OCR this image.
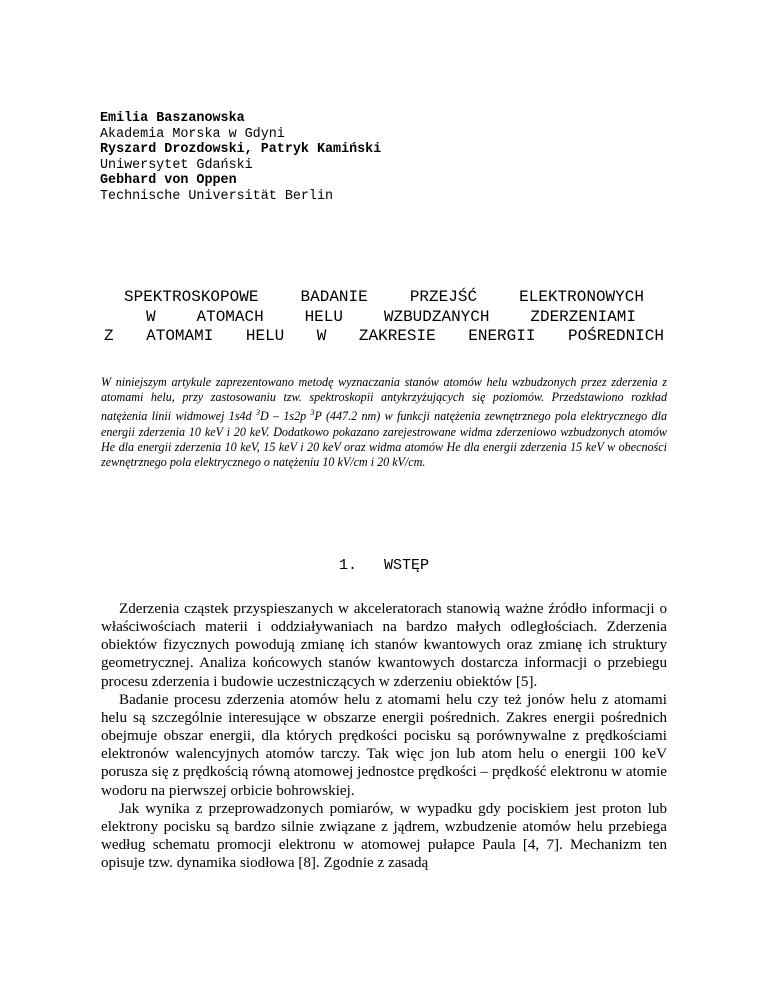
Emilia Baszanowska
Akademia Morska w Gdyni
Ryszard Drozdowski, Patryk Kamiński
Uniwersytet Gdański
Gebhard von Oppen
Technische Universität Berlin
SPEKTROSKOPOWE	BADANIE	PRZEJŚĆ	ELEKTRONOWYCH
W	ATOMACH	HELU	WZBUDZANYCH	ZDERZENIAMI
Z ATOMAMI HELU W ZAKRESIE ENERGII POŚREDNICH
W niniejszym artykule zaprezentowano metodę wyznaczania stanów atomów helu wzbudzonych przez zderzenia z atomami helu, przy zastosowaniu tzw. spektroskopii antykrzyżujących się poziomów. Przedstawiono rozkład natężenia linii widmowej 1s4d $^3$D – 1s2p $^3$P (447.2 nm) w funkcji natężenia zewnętrznego pola elektrycznego dla energii zderzenia 10 keV i 20 keV. Dodatkowo pokazano zarejestrowane widma zderzeniowo wzbudzonych atomów He dla energii zderzenia 10 keV, 15 keV i 20 keV oraz widma atomów He dla energii zderzenia 15 keV w obecności zewnętrznego pola elektrycznego o natężeniu 10 kV/cm i 20 kV/cm.
1. WSTĘP

Zderzenia cząstek przyspieszanych w akceleratorach stanowią ważne źródło informacji o właściwościach materii i oddziaływaniach na bardzo małych odległościach. Zderzenia obiektów fizycznych powodują zmianę ich stanów kwantowych oraz zmianę ich struktury geometrycznej. Analiza końcowych stanów kwantowych dostarcza informacji o przebiegu procesu zderzenia i budowie uczestniczących w zderzeniu obiektów [5].

Badanie procesu zderzenia atomów helu z atomami helu czy też jonów helu z atomami helu są szczególnie interesujące w obszarze energii pośrednich. Zakres energii pośrednich obejmuje obszar energii, dla których prędkości pocisku są porównywalne z prędkościami elektronów walencyjnych atomów tarczy. Tak więc jon lub atom helu o energii 100 keV porusza się z prędkością równą atomowej jednostce prędkości – prędkość elektronu w atomie wodoru na pierwszej orbicie bohrowskiej.

Jak wynika z przeprowadzonych pomiarów, w wypadku gdy pociskiem jest proton lub elektrony pocisku są bardzo silnie związane z jądrem, wzbudzenie atomów helu przebiega według schematu promocji elektronu w atomowej pułapce Paula [4, 7]. Mechanizm ten opisuje tzw. dynamika siodłowa [8]. Zgodnie z zasadą
